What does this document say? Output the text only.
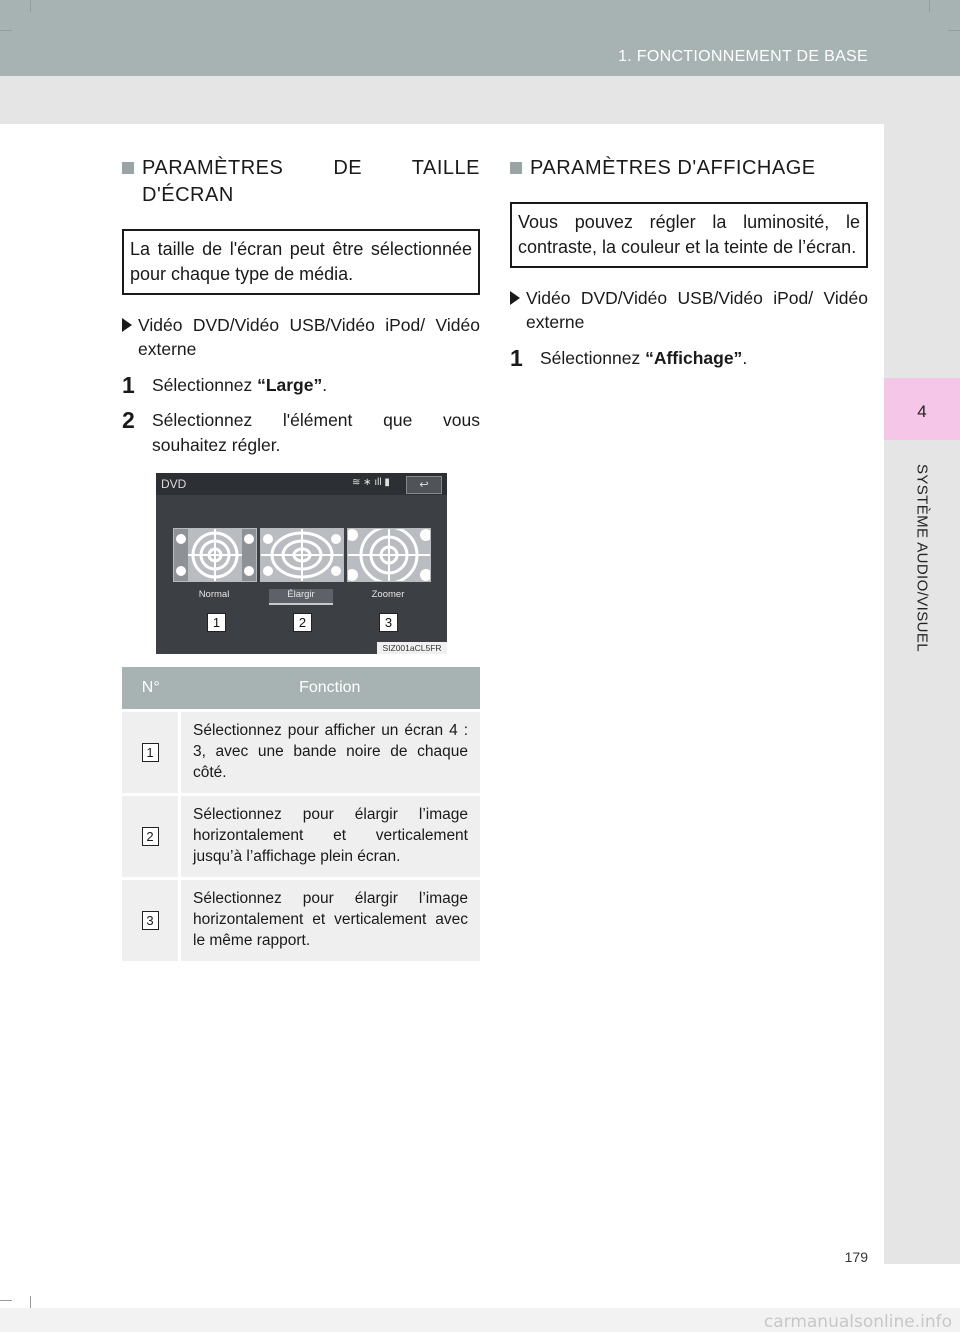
1. FONCTIONNEMENT DE BASE
4
SYSTÈME AUDIO/VISUEL
PARAMÈTRES DE TAILLE D'ÉCRAN
La taille de l'écran peut être sélectionnée pour chaque type de média.
Vidéo DVD/Vidéo USB/Vidéo iPod/ Vidéo externe
1 Sélectionnez “Large”.
2 Sélectionnez l'élément que vous souhaitez régler.
DVD	≋ ∗ ıll ▮	↩
Normal	Élargir	Zoomer
1	2	3
SIZ001aCL5FR
N°	Fonction
1	Sélectionnez pour afficher un écran 4 : 3, avec une bande noire de chaque côté.
2	Sélectionnez pour élargir l’image horizontalement et verticalement jusqu’à l’affichage plein écran.
3	Sélectionnez pour élargir l’image horizontalement et verticalement avec le même rapport.
PARAMÈTRES D'AFFICHAGE
Vous pouvez régler la luminosité, le contraste, la couleur et la teinte de l’écran.
Vidéo DVD/Vidéo USB/Vidéo iPod/ Vidéo externe
1 Sélectionnez “Affichage”.
179
carmanualsonline.info
